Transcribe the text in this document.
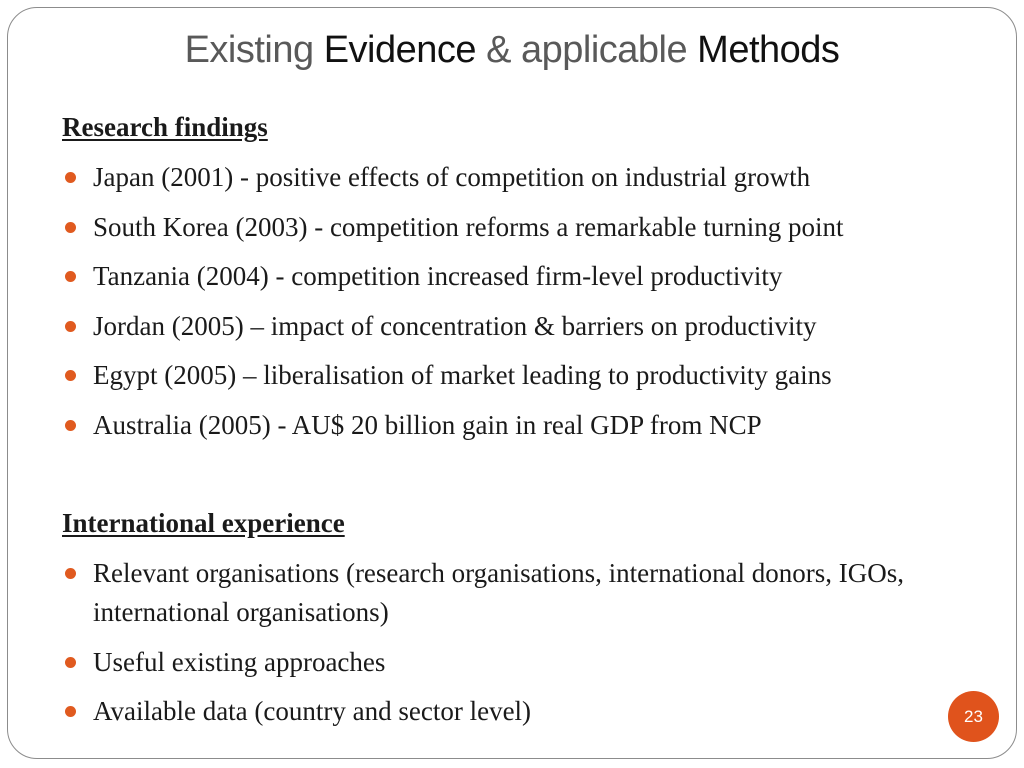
Existing Evidence & applicable Methods
Research findings
Japan (2001) - positive effects of competition on industrial growth
South Korea (2003) - competition reforms a remarkable turning point
Tanzania (2004) - competition increased firm-level productivity
Jordan (2005) – impact of concentration & barriers on productivity
Egypt (2005) – liberalisation of market leading to productivity gains
Australia (2005) - AU$ 20 billion gain in real GDP from NCP
International experience
Relevant organisations (research organisations, international donors, IGOs, international organisations)
Useful existing approaches
Available data (country and sector level)	23
